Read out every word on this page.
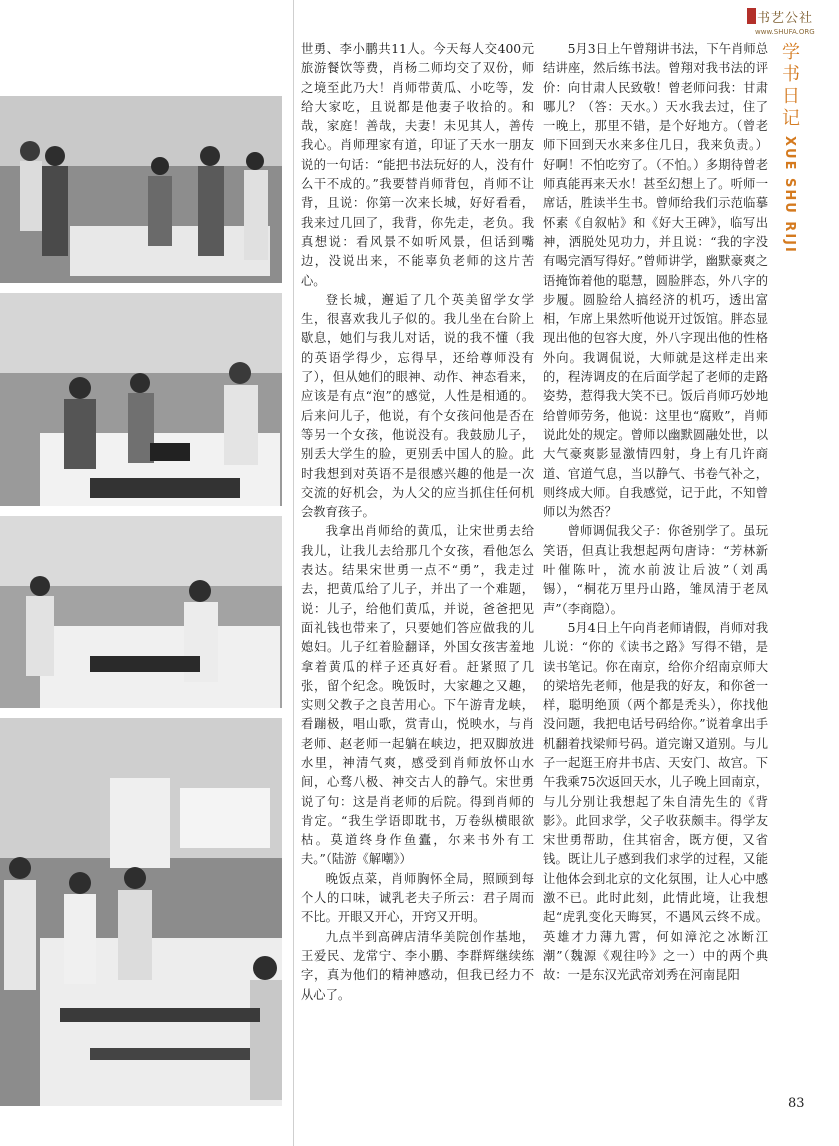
世勇、李小鹏共11人。今天每人交400元旅游餐饮等费，肖杨二师均交了双份，师之境至此乃大！肖师带黄瓜、小吃等，发给大家吃，且说都是他妻子收拾的。和哉，家庭！善哉，夫妻！未见其人，善传我心。肖师理家有道，印证了天水一朋友说的一句话：“能把书法玩好的人，没有什么干不成的。”我要替肖师背包，肖师不让背，且说：你第一次来长城，好好看看，我来过几回了，我背，你先走，老负。我真想说：看风景不如听风景，但话到嘴边，没说出来，不能辜负老师的这片苦心。

登长城，邂逅了几个英美留学女学生，很喜欢我儿子似的。我儿坐在台阶上歇息，她们与我儿对话，说的我不懂（我的英语学得少，忘得早，还给尊师没有了），但从她们的眼神、动作、神态看来，应该是有点“泡”的感觉，人性是相通的。后来问儿子，他说，有个女孩问他是否在等另一个女孩，他说没有。我鼓励儿子，别丢大学生的脸，更别丢中国人的脸。此时我想到对英语不是很感兴趣的他是一次交流的好机会，为人父的应当抓住任何机会教育孩子。

我拿出肖师给的黄瓜，让宋世勇去给我儿，让我儿去给那几个女孩，看他怎么表达。结果宋世勇一点不“勇”，我走过去，把黄瓜给了儿子，并出了一个难题，说：儿子，给他们黄瓜，并说，爸爸把见面礼钱也带来了，只要她们答应做我的儿媳妇。儿子红着脸翻译，外国女孩害羞地拿着黄瓜的样子还真好看。赶紧照了几张，留个纪念。晚饭时，大家趣之又趣，实则父教子之良苦用心。下午游青龙峡，看蹦极，唱山歌，赏青山，悦映水，与肖老师、赵老师一起躺在峡边，把双脚放进水里，神清气爽，感受到肖师放怀山水间，心骛八极、神交古人的静气。宋世勇说了句：这是肖老师的后院。得到肖师的肯定。“我生学语即耽书，万卷纵横眼欲枯。莫道终身作鱼蠹，尔来书外有工夫。”（陆游《解嘲》）

晚饭点菜，肖师胸怀全局，照顾到每个人的口味，诚乳老夫子所云：君子周而不比。开眼又开心，开窍又开明。

九点半到高碑店清华美院创作基地，王爱民、龙常宁、李小鹏、李群辉继续练字，真为他们的精神感动，但我已经力不从心了。

5月3日上午曾翔讲书法，下午肖师总结讲座，然后练书法。曾翔对我书法的评价：向甘肃人民致敬！曾老师问我：甘肃哪儿？（答：天水。）天水我去过，住了一晚上，那里不错，是个好地方。（曾老师下回到天水来多住几日，我来负责。）好啊！不怕吃穷了。（不怕。）多期待曾老师真能再来天水！甚至幻想上了。听师一席话，胜读半生书。曾师给我们示范临摹怀素《自叙帖》和《好大王碑》，临写出神，洒脱处见功力，并且说：“我的字没有喝完酒写得好。”曾师讲学，幽默豪爽之语掩饰着他的聪慧，圆脸胖态，外八字的步履。圆脸给人搞经济的机巧，透出富相，乍席上果然听他说开过饭馆。胖态显现出他的包容大度，外八字现出他的性格外向。我调侃说，大师就是这样走出来的，程涛调皮的在后面学起了老师的走路姿势，惹得我大笑不已。饭后肖师巧妙地给曾师劳务，他说：这里也“腐败”，肖师说此处的规定。曾师以幽默圆融处世，以大气豪爽影显激情四射，身上有几许商道、官道气息，当以静气、书卷气补之，则终成大师。自我感觉，记于此，不知曾师以为然否？

曾师调侃我父子：你爸别学了。虽玩笑语，但真让我想起两句唐诗：“芳林新叶催陈叶，流水前波让后波”（刘禹锡），“桐花万里丹山路，雏凤清于老凤声”（李商隐）。

5月4日上午向肖老师请假，肖师对我儿说：“你的《读书之路》写得不错，是读书笔记。你在南京，给你介绍南京师大的梁培先老师，他是我的好友，和你爸一样，聪明绝顶（两个都是秃头），你找他没问题，我把电话号码给你。”说着拿出手机翻着找梁师号码。道完谢又道别。与儿子一起逛王府井书店、天安门、故宫。下午我乘75次返回天水，儿子晚上回南京，与儿分别让我想起了朱自清先生的《背影》。此回求学，父子收获颇丰。得学友宋世勇帮助，住其宿舍，既方便，又省钱。既让儿子感到我们求学的过程，又能让他体会到北京的文化氛围，让人心中感激不已。此时此刻，此情此境，让我想起“虎乳变化天晦冥，不遇风云终不成。英雄才力薄九霄，何如漳沱之冰断江潮”（魏源《观往吟》之一）中的两个典故：一是东汉光武帝刘秀在河南昆阳

书艺公社
www.SHUFA.ORG
学
书
日
记
XUE SHU RIJI
83
